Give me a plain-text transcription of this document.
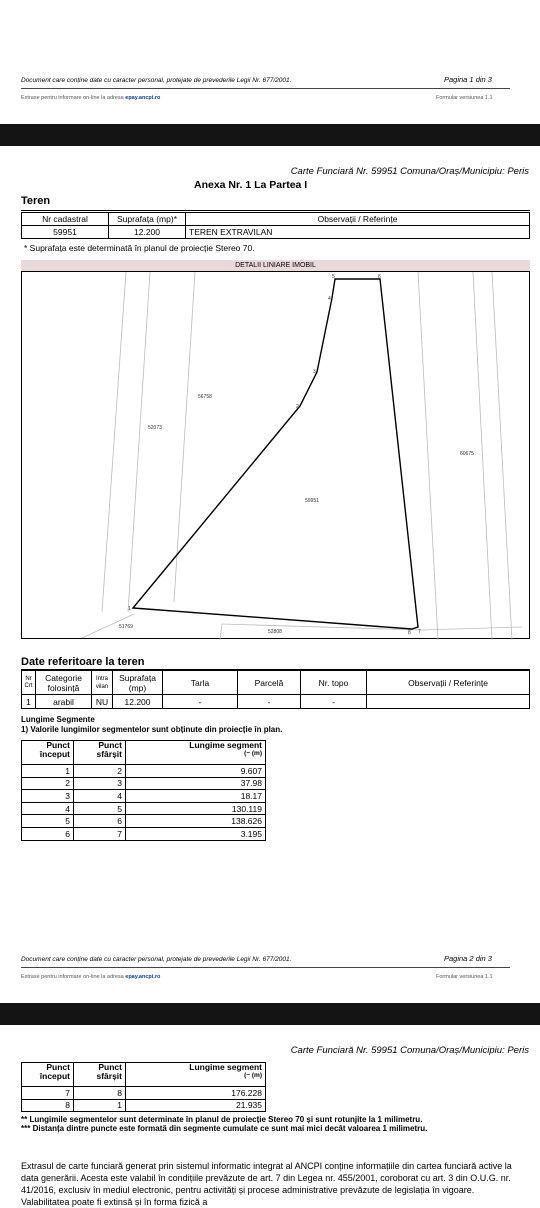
Document care conține date cu caracter personal, protejate de prevederile Legii Nr. 677/2001.	Pagina 1 din 3
Extrase pentru informare on-line la adresa epay.ancpi.ro	Formular versiunea 1.1
Carte Funciară Nr. 59951 Comuna/Oraș/Municipiu: Peris
Anexa Nr. 1 La Partea I
Teren
Nr cadastral	Suprafața (mp)*	Observații / Referințe
59951	12.200	TEREN EXTRAVILAN
* Suprafața este determinată în planul de proiecție Stereo 70.
DETALII LINIARE IMOBIL
59951
52073
56758
60675
51769
52808
1
2
3
4
5	6
7
8
Date referitoare la teren
Nr Crt	Categorie folosință	Intra vilan	Suprafața (mp)	Tarla	Parcelă	Nr. topo	Observații / Referințe
1	arabil	NU	12.200	-	-	-	
Lungime Segmente
1) Valorile lungimilor segmentelor sunt obținute din proiecție în plan.
Punct început	Punct sfârșit	Lungime segment
(~ (m)

1	2	9.607
2	3	37.98
3	4	18.17
4	5	130.119
5	6	138.626
6	7	3.195
Document care conține date cu caracter personal, protejate de prevederile Legii Nr. 677/2001.	Pagina 2 din 3
Extrase pentru informare on-line la adresa epay.ancpi.ro	Formular versiunea 1.1
Carte Funciară Nr. 59951 Comuna/Oraș/Municipiu: Peris
Punct început	Punct sfârșit	Lungime segment
(~ (m)

7	8	176.228
8	1	21.935
** Lungimile segmentelor sunt determinate în planul de proiecție Stereo 70 și sunt rotunjite la 1 milimetru.
*** Distanța dintre puncte este formată din segmente cumulate ce sunt mai mici decât valoarea 1 milimetru.
Extrasul de carte funciară generat prin sistemul informatic integrat al ANCPI conține informațiile din cartea funciară active la data generării. Acesta este valabil în condițiile prevăzute de art. 7 din Legea nr. 455/2001, coroborat cu art. 3 din O.U.G. nr. 41/2016, exclusiv în mediul electronic, pentru activități și procese administrative prevăzute de legislația în vigoare. Valabilitatea poate fi extinsă și în forma fizică a
